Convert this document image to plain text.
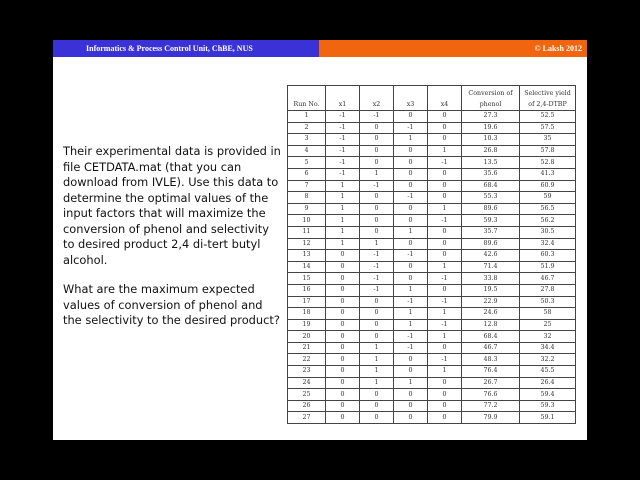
Informatics & Process Control Unit, ChBE, NUS	© Laksh 2012

Their experimental data is provided in file CETDATA.mat (that you can download from IVLE). Use this data to determine the optimal values of the input factors that will maximize the conversion of phenol and selectivity to desired product 2,4 di-tert butyl alcohol.

What are the maximum expected values of conversion of phenol and the selectivity to the desired product?

Run No.	x1	x2	x3	x4	Conversion of phenol	Selective yield of 2,4-DTBP
1	-1	-1	0	0	27.3	52.5
2	-1	0	-1	0	19.6	57.5
3	-1	0	1	0	10.3	35
4	-1	0	0	1	26.8	57.8
5	-1	0	0	-1	13.5	52.8
6	-1	1	0	0	35.6	41.3
7	1	-1	0	0	68.4	60.9
8	1	0	-1	0	55.3	59
9	1	0	0	1	89.6	56.5
10	1	0	0	-1	59.3	56.2
11	1	0	1	0	35.7	30.5
12	1	1	0	0	89.6	32.4
13	0	-1	-1	0	42.6	60.3
14	0	-1	0	1	71.4	51.9
15	0	-1	0	-1	33.8	46.7
16	0	-1	1	0	19.5	27.8
17	0	0	-1	-1	22.9	50.3
18	0	0	1	1	24.6	58
19	0	0	1	-1	12.8	25
20	0	0	-1	1	68.4	32
21	0	1	-1	0	46.7	34.4
22	0	1	0	-1	48.3	32.2
23	0	1	0	1	76.4	45.5
24	0	1	1	0	26.7	26.4
25	0	0	0	0	76.6	59.4
26	0	0	0	0	77.2	59.3
27	0	0	0	0	79.9	59.1
